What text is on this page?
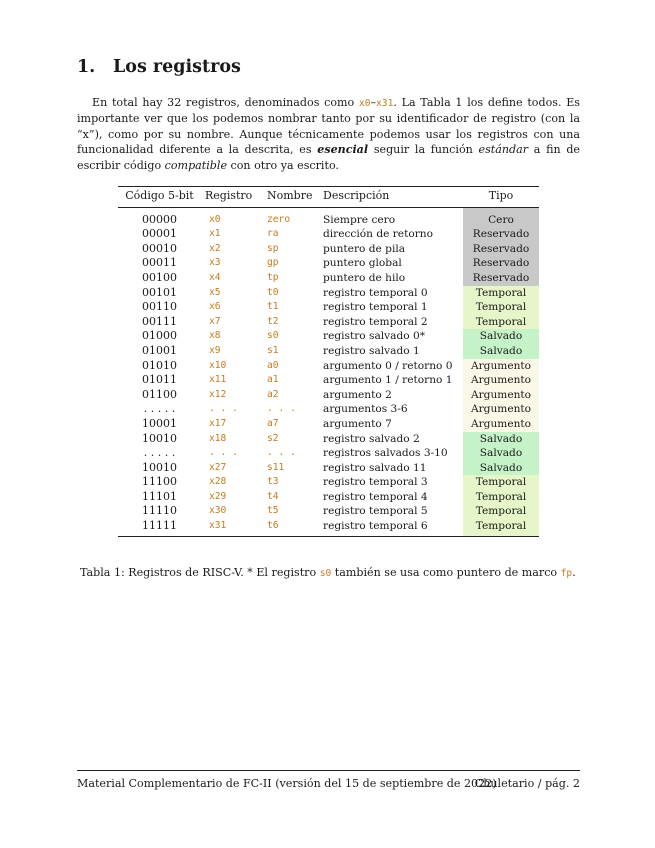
1. Los registros

En total hay 32 registros, denominados como x0–x31. La Tabla 1 los define todos. Es importante ver que los podemos nombrar tanto por su identificador de registro (con la “x”), como por su nombre. Aunque técnicamente podemos usar los registros con una funcionalidad diferente a la descrita, es esencial seguir la función estándar a fin de escribir código compatible con otro ya escrito.

Código 5-bit	Registro	Nombre	Descripción	Tipo
00000	x0	zero	Siempre cero	Cero
00001	x1	ra	dirección de retorno	Reservado
00010	x2	sp	puntero de pila	Reservado
00011	x3	gp	puntero global	Reservado
00100	x4	tp	puntero de hilo	Reservado
00101	x5	t0	registro temporal 0	Temporal
00110	x6	t1	registro temporal 1	Temporal
00111	x7	t2	registro temporal 2	Temporal
01000	x8	s0	registro salvado 0*	Salvado
01001	x9	s1	registro salvado 1	Salvado
01010	x10	a0	argumento 0 / retorno 0	Argumento
01011	x11	a1	argumento 1 / retorno 1	Argumento
01100	x12	a2	argumento 2	Argumento
. . . . .	. . .	. . .	argumentos 3-6	Argumento
10001	x17	a7	argumento 7	Argumento
10010	x18	s2	registro salvado 2	Salvado
. . . . .	. . .	. . .	registros salvados 3-10	Salvado
10010	x27	s11	registro salvado 11	Salvado
11100	x28	t3	registro temporal 3	Temporal
11101	x29	t4	registro temporal 4	Temporal
11110	x30	t5	registro temporal 5	Temporal
11111	x31	t6	registro temporal 6	Temporal

Tabla 1: Registros de RISC-V. * El registro s0 también se usa como puntero de marco fp.

Material Complementario de FC-II (versión del 15 de septiembre de 2022)
Chuletario / pág. 2
